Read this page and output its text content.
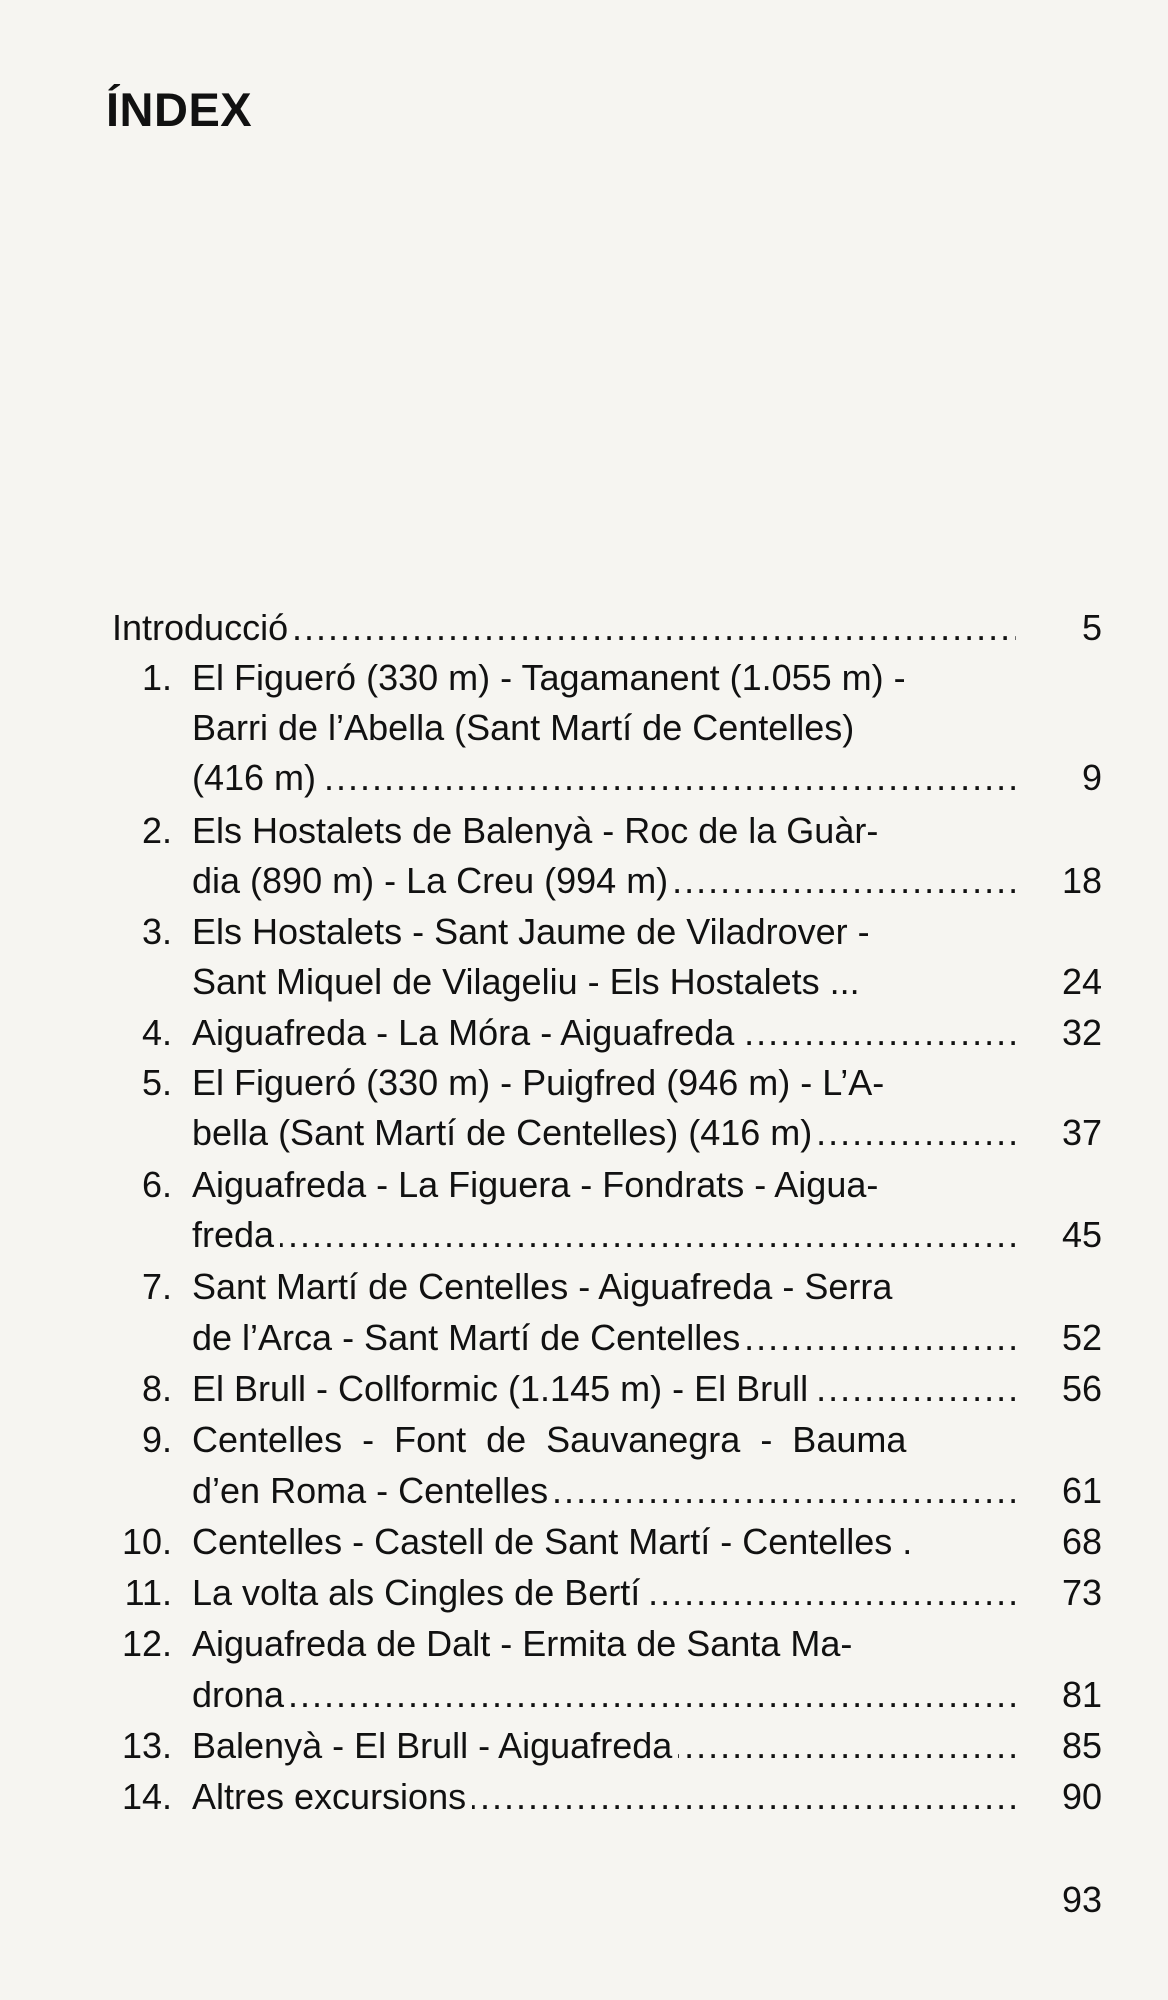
ÍNDEX
Introducció .....	5
1. El Figueró (330 m) - Tagamanent (1.055 m) -
Barri de l’Abella (Sant Martí de Centelles)
(416 m) .....	9
2. Els Hostalets de Balenyà - Roc de la Guàr-
dia (890 m) - La Creu (994 m) .....	18
3. Els Hostalets - Sant Jaume de Viladrover -
Sant Miquel de Vilageliu - Els Hostalets ...	24
4. Aiguafreda - La Móra - Aiguafreda .....	32
5. El Figueró (330 m) - Puigfred (946 m) - L’A-
bella (Sant Martí de Centelles) (416 m) .....	37
6. Aiguafreda - La Figuera - Fondrats - Aigua-
freda .....	45
7. Sant Martí de Centelles - Aiguafreda - Serra
de l’Arca - Sant Martí de Centelles .....	52
8. El Brull - Collformic (1.145 m) - El Brull .....	56
9. Centelles  -  Font  de  Sauvanegra  -  Bauma
d’en Roma - Centelles .....	61
10. Centelles - Castell de Sant Martí - Centelles .	68
11. La volta als Cingles de Bertí .....	73
12. Aiguafreda de Dalt - Ermita de Santa Ma-
drona .....	81
13. Balenyà - El Brull - Aiguafreda .....	85
14. Altres excursions .....	90
93
